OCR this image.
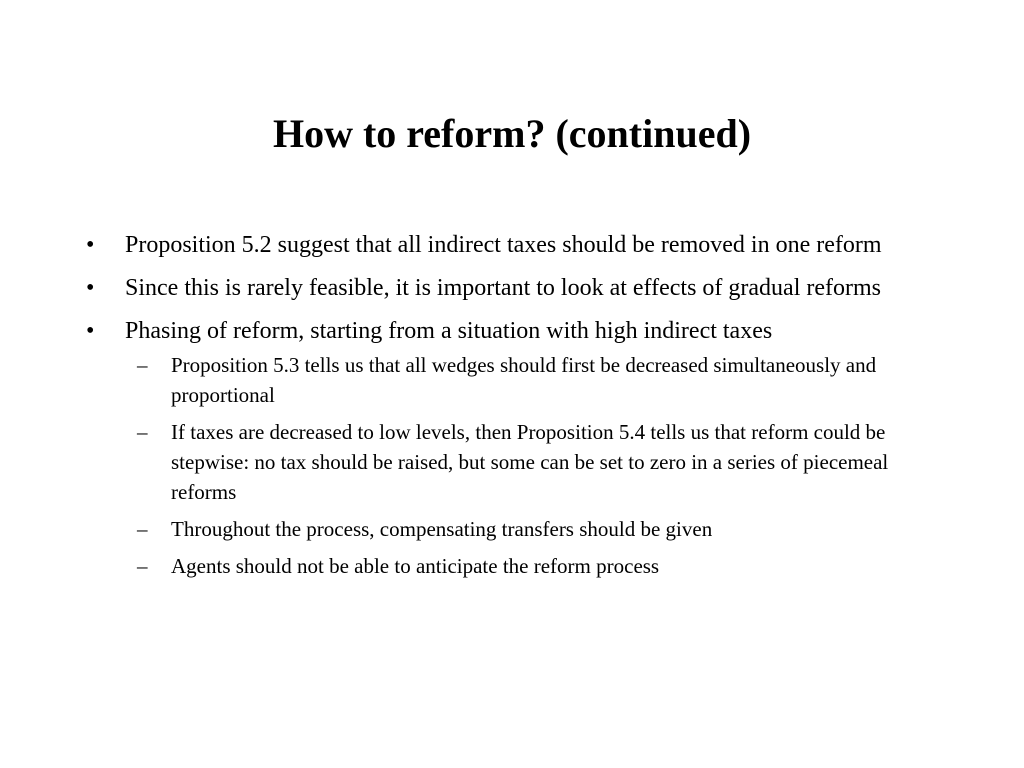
How to reform? (continued)
• Proposition 5.2 suggest that all indirect taxes should be removed in one reform
• Since this is rarely feasible, it is important to look at effects of gradual reforms
• Phasing of reform, starting from a situation with high indirect taxes
– Proposition 5.3 tells us that all wedges should first be decreased simultaneously and proportional
– If taxes are decreased to low levels, then Proposition 5.4 tells us that reform could be stepwise: no tax should be raised, but some can be set to zero in a series of piecemeal reforms
– Throughout the process, compensating transfers should be given
– Agents should not be able to anticipate the reform process
